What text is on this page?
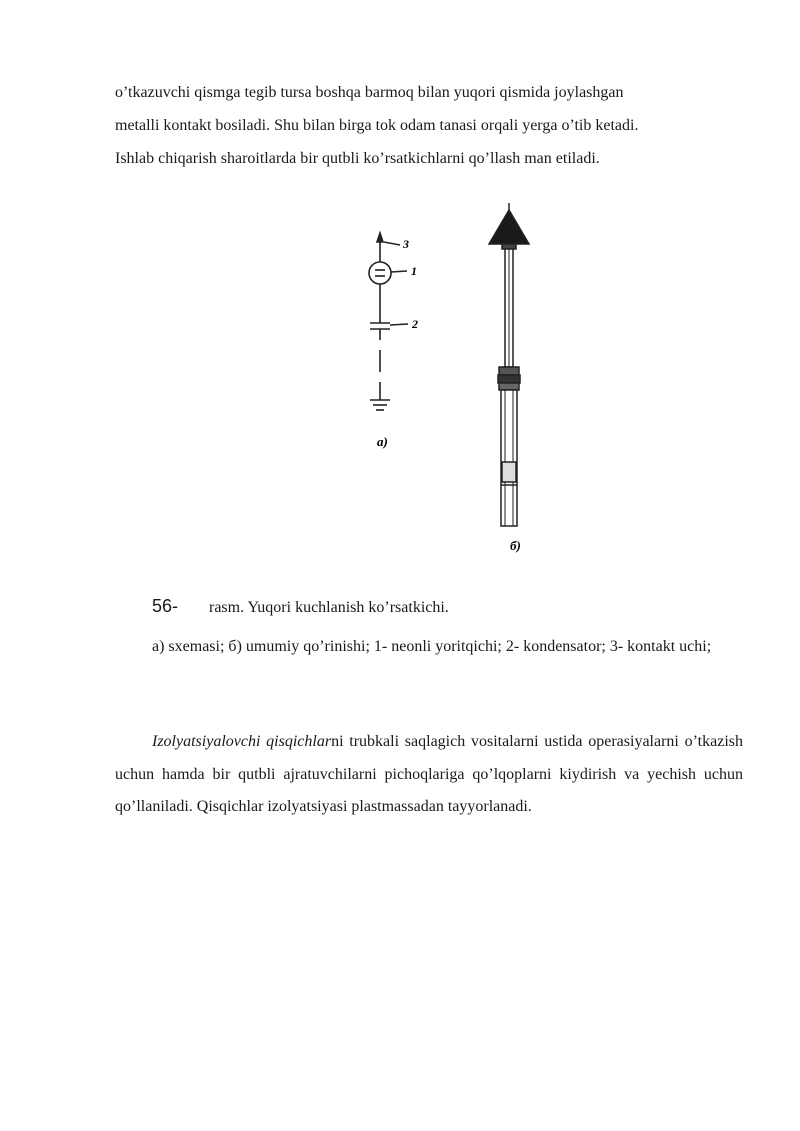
o’tkazuvchi qismga tegib tursa boshqa barmoq bilan yuqori qismida joylashgan
metalli kontakt bosiladi. Shu bilan birga tok odam tanasi orqali yerga o’tib ketadi.
Ishlab chiqarish sharoitlarda bir qutbli ko’rsatkichlarni qo’llash man etiladi.
3
1
2
a)
б)
56- rasm. Yuqori kuchlanish ko’rsatkichi.
a) sxemasi; б) umumiy qo’rinishi; 1- neonli yoritqichi; 2- kondensator; 3- kontakt uchi;
Izolyatsiyalovchi qisqichlarni trubkali saqlagich vositalarni ustida operasiyalarni o’tkazish uchun hamda bir qutbli ajratuvchilarni pichoqlariga qo’lqoplarni kiydirish va yechish uchun qo’llaniladi. Qisqichlar izolyatsiyasi plastmassadan tayyorlanadi.
